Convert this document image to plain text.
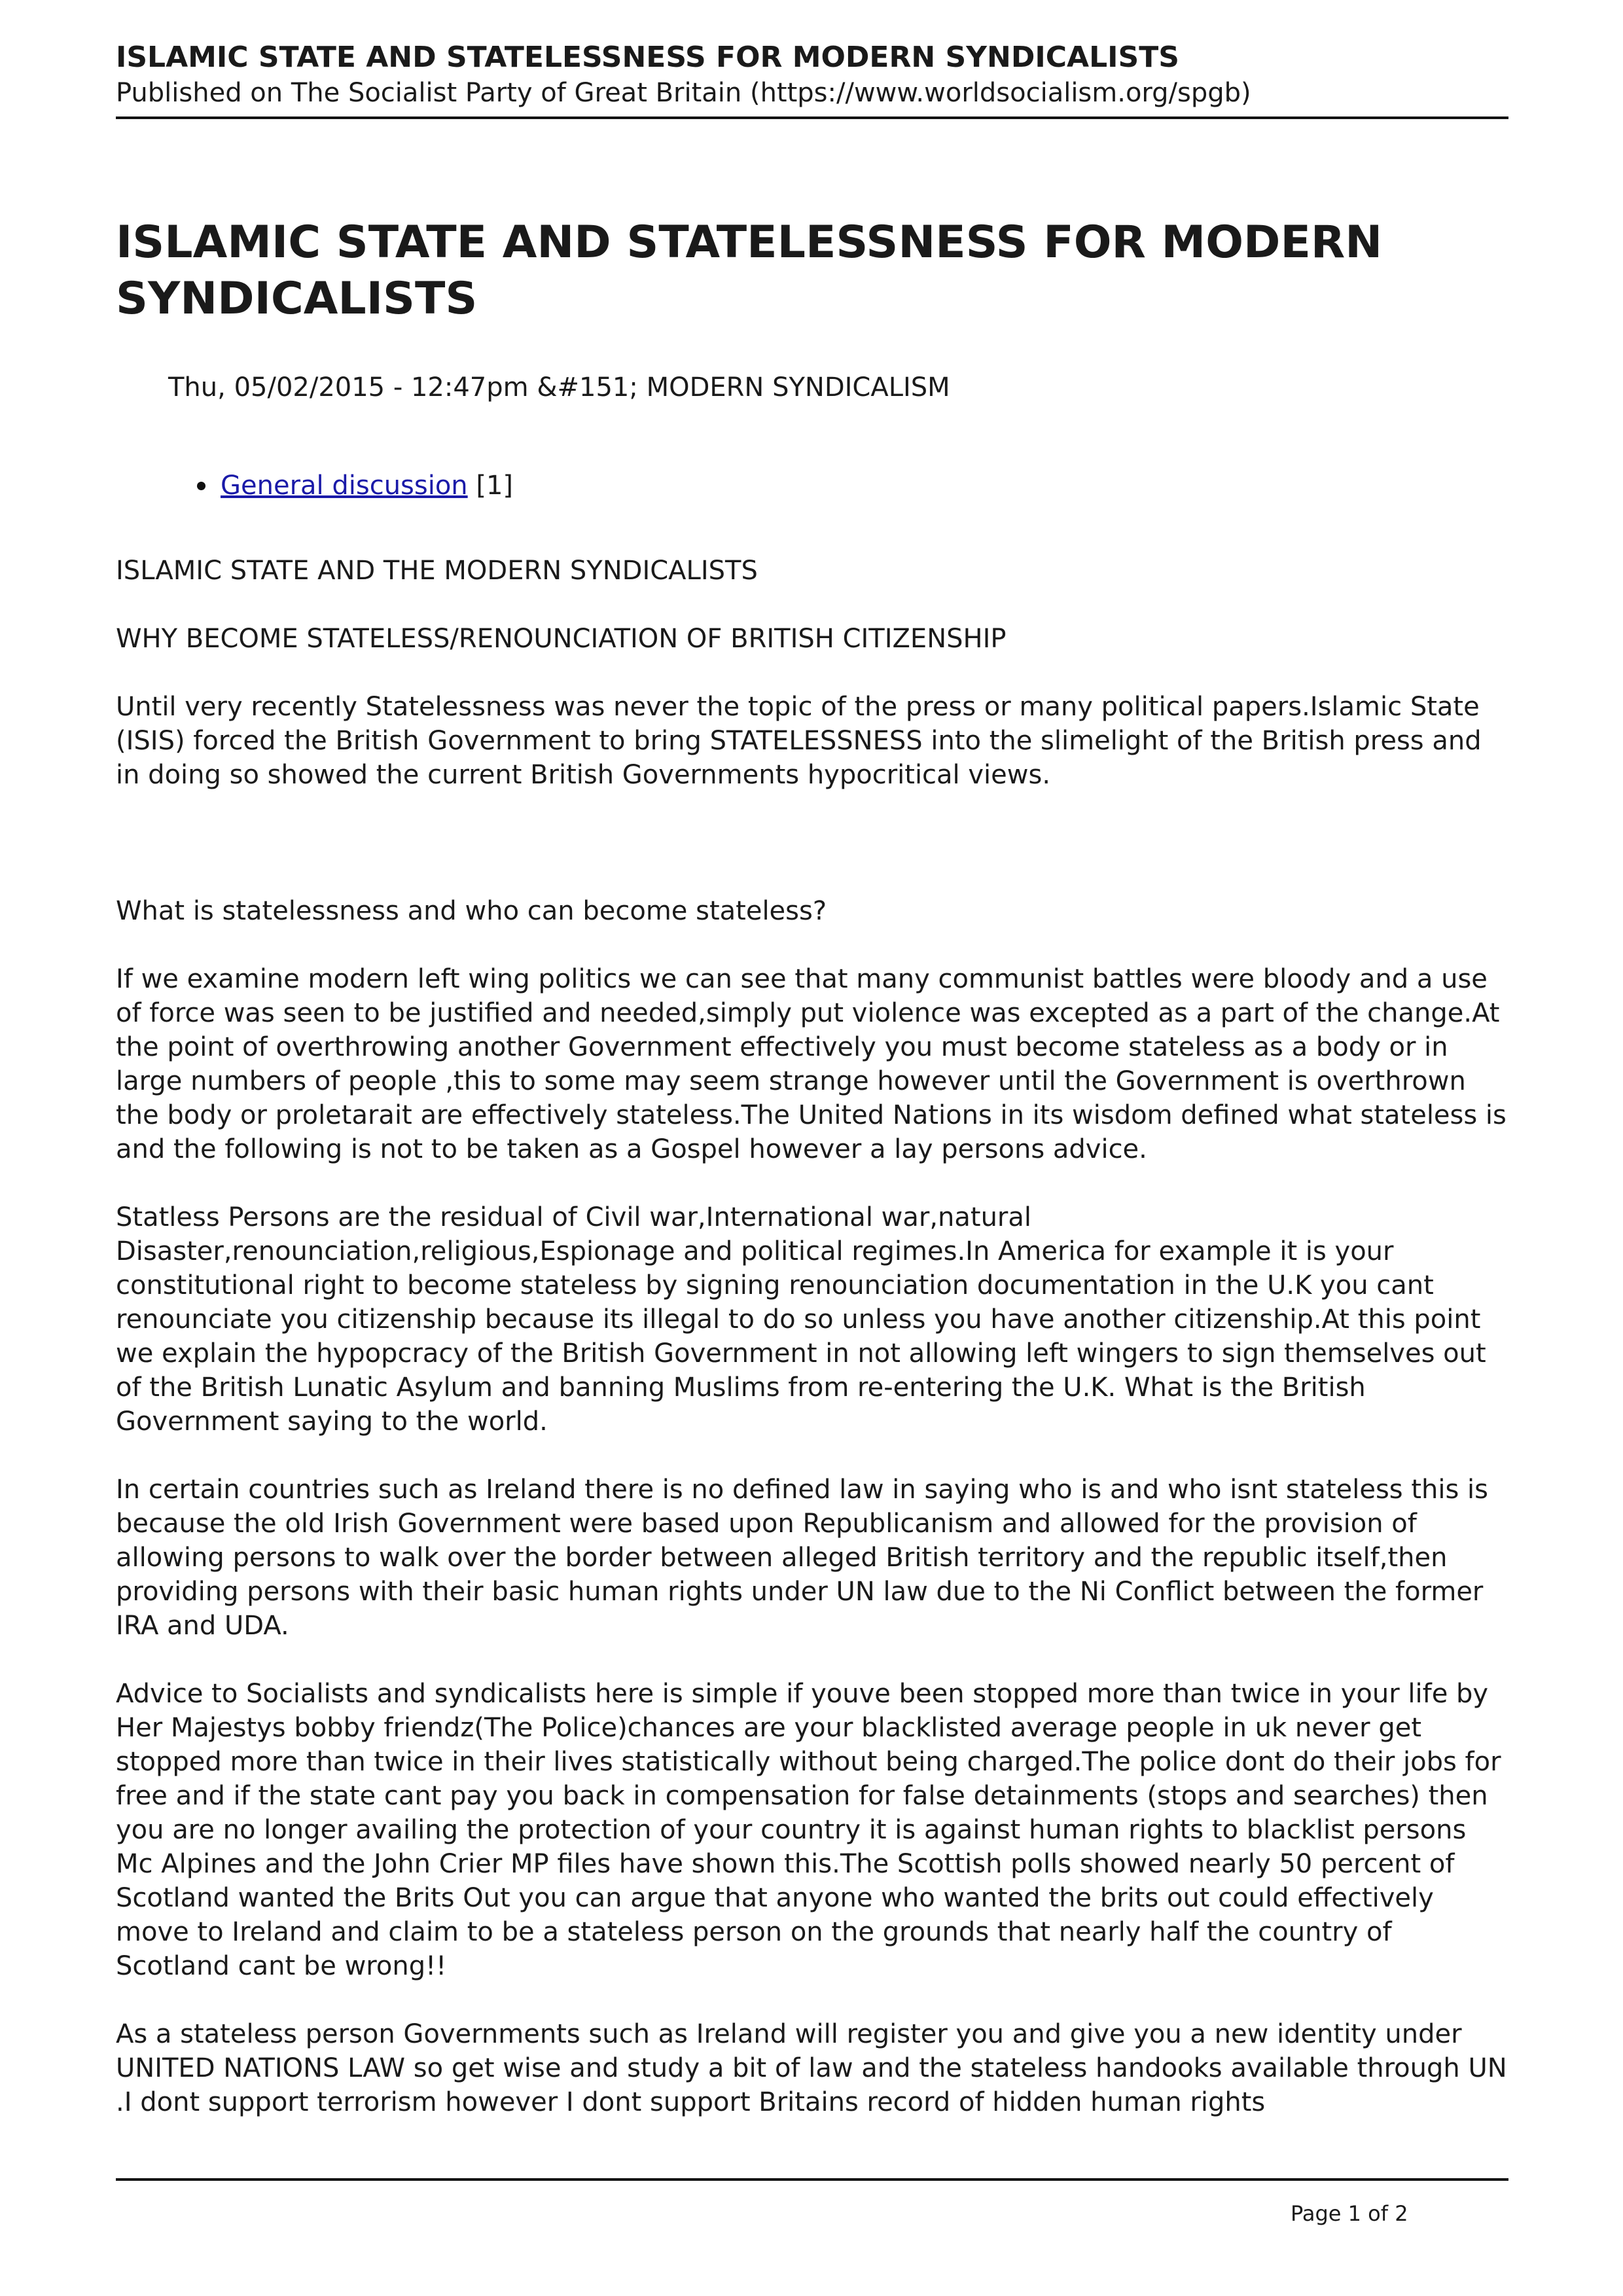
ISLAMIC STATE AND STATELESSNESS FOR MODERN SYNDICALISTS

Published on The Socialist Party of Great Britain (https://www.worldsocialism.org/spgb)

ISLAMIC STATE AND STATELESSNESS FOR MODERN SYNDICALISTS
Thu, 05/02/2015 - 12:47pm &#151; MODERN SYNDICALISM
General discussion [1]

ISLAMIC STATE AND THE MODERN SYNDICALISTS

WHY BECOME STATELESS/RENOUNCIATION OF BRITISH CITIZENSHIP

Until very recently Statelessness was never the topic of the press or many political papers.Islamic State (ISIS) forced the British Government to bring STATELESSNESS into the slimelight of the British press and in doing so showed the current British Governments hypocritical views.

What is statelessness and who can become stateless?

If we examine modern left wing politics we can see that many communist battles were bloody and a use of force was seen to be justified and needed,simply put violence was excepted as a part of the change.At the point of overthrowing another Government effectively you must become stateless as a body or in large numbers of people ,this to some may seem strange however until the Government is overthrown the body or proletarait are effectively stateless.The United Nations in its wisdom defined what stateless is and the following is not to be taken as a Gospel however a lay persons advice.

Statless Persons are the residual of Civil war,International war,natural Disaster,renounciation,religious,Espionage and political regimes.In America for example it is your constitutional right to become stateless by signing renounciation documentation in the U.K you cant renounciate you citizenship because its illegal to do so unless you have another citizenship.At this point we explain the hypopcracy of the British Government in not allowing left wingers to sign themselves out of the British Lunatic Asylum and banning Muslims from re-entering the U.K. What is the British Government saying to the world.

In certain countries such as Ireland there is no defined law in saying who is and who isnt stateless this is because the old Irish Government were based upon Republicanism and allowed for the provision of allowing persons to walk over the border between alleged British territory and the republic itself,then providing persons with their basic human rights under UN law due to the Ni Conflict between the former IRA and UDA.

Advice to Socialists and syndicalists here is simple if youve been stopped more than twice in your life by Her Majestys bobby friendz(The Police)chances are your blacklisted average people in uk never get stopped more than twice in their lives statistically without being charged.The police dont do their jobs for free and if the state cant pay you back in compensation for false detainments (stops and searches) then you are no longer availing the protection of your country it is against human rights to blacklist persons Mc Alpines and the John Crier MP files have shown this.The Scottish polls showed nearly 50 percent of Scotland wanted the Brits Out you can argue that anyone who wanted the brits out could effectively move to Ireland and claim to be a stateless person on the grounds that nearly half the country of Scotland cant be wrong!!

As a stateless person Governments such as Ireland will register you and give you a new identity under UNITED NATIONS LAW so get wise and study a bit of law and the stateless handooks available through UN .I dont support terrorism however I dont support Britains record of hidden human rights

Page 1 of 2
